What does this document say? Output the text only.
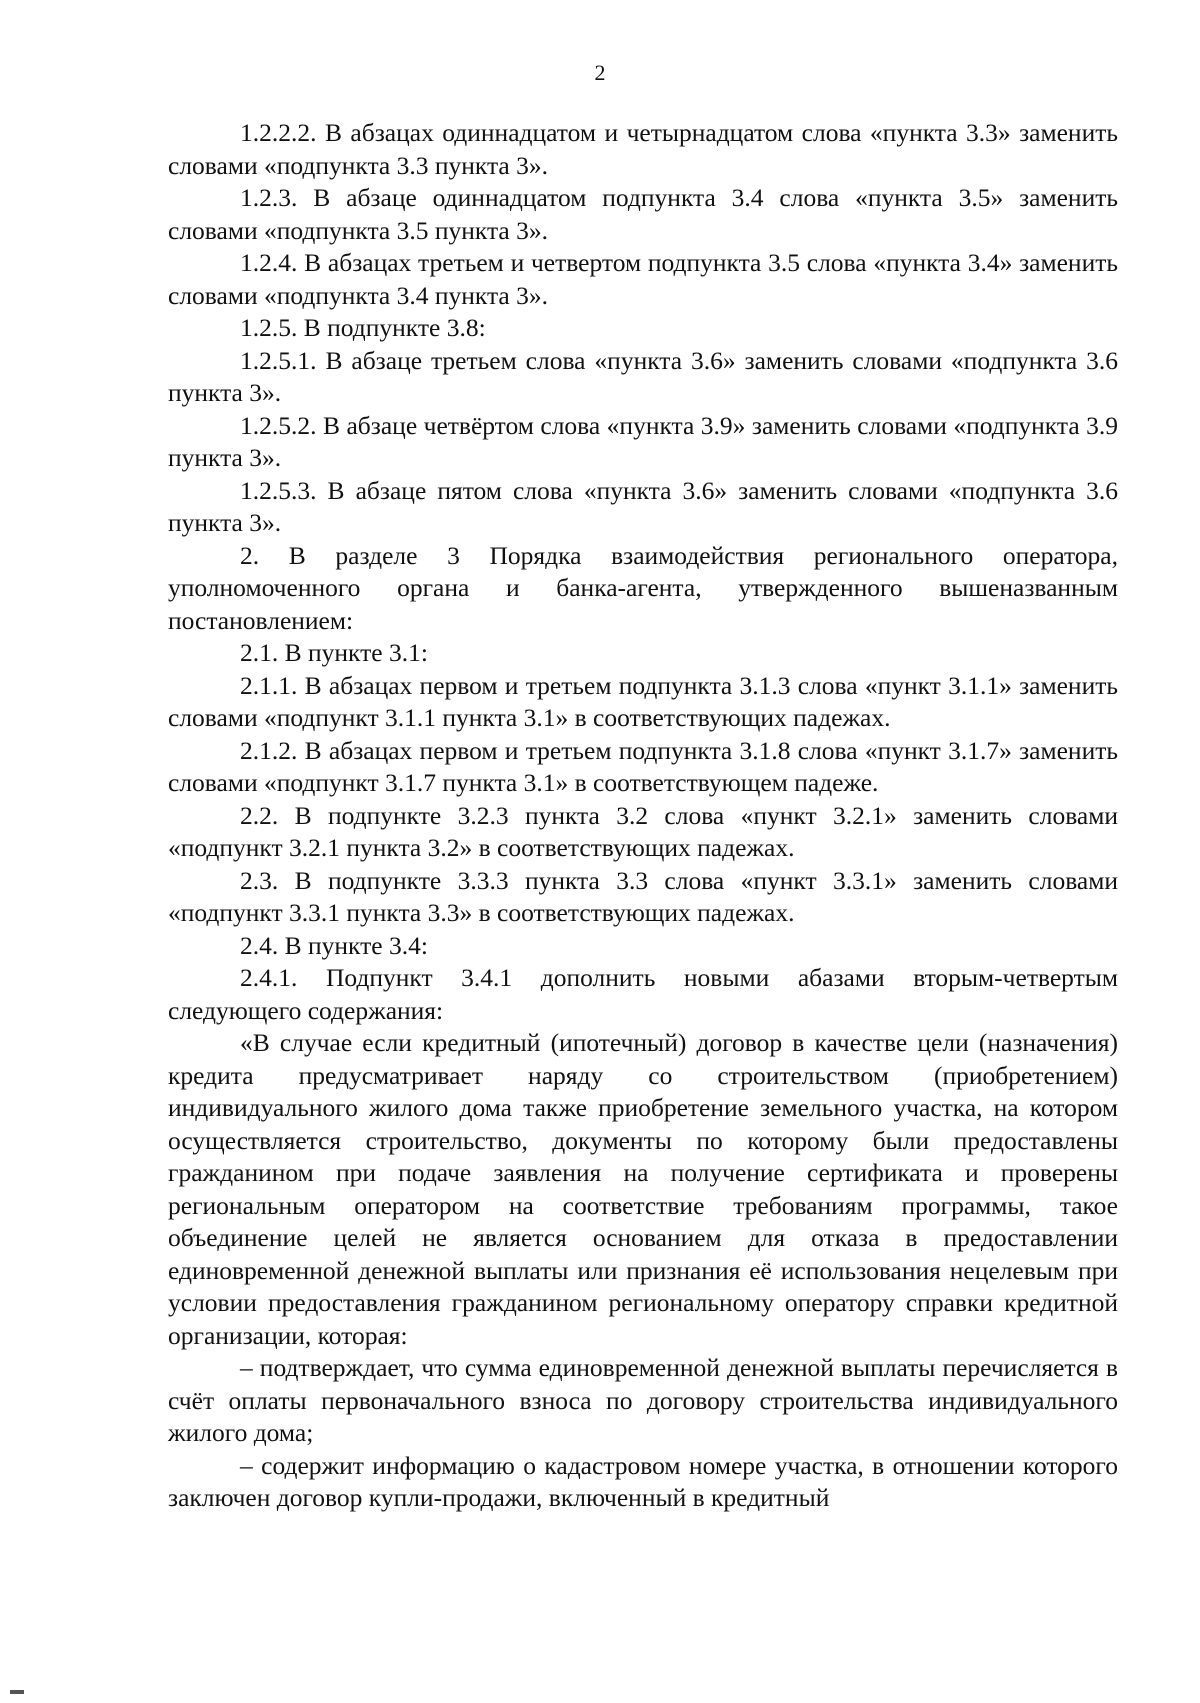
2

1.2.2.2. В абзацах одиннадцатом и четырнадцатом слова «пункта 3.3» заменить словами «подпункта 3.3 пункта 3».

1.2.3. В абзаце одиннадцатом подпункта 3.4 слова «пункта 3.5» заменить словами «подпункта 3.5 пункта 3».

1.2.4. В абзацах третьем и четвертом подпункта 3.5 слова «пункта 3.4» заменить словами «подпункта 3.4 пункта 3».

1.2.5. В подпункте 3.8:

1.2.5.1. В абзаце третьем слова «пункта 3.6» заменить словами «подпункта 3.6 пункта 3».

1.2.5.2. В абзаце четвёртом слова «пункта 3.9» заменить словами «подпункта 3.9 пункта 3».

1.2.5.3. В абзаце пятом слова «пункта 3.6» заменить словами «подпункта 3.6 пункта 3».

2. В разделе 3 Порядка взаимодействия регионального оператора, уполномоченного органа и банка-агента, утвержденного вышеназванным постановлением:

2.1. В пункте 3.1:

2.1.1. В абзацах первом и третьем подпункта 3.1.3 слова «пункт 3.1.1» заменить словами «подпункт 3.1.1 пункта 3.1» в соответствующих падежах.

2.1.2. В абзацах первом и третьем подпункта 3.1.8 слова «пункт 3.1.7» заменить словами «подпункт 3.1.7 пункта 3.1» в соответствующем падеже.

2.2. В подпункте 3.2.3 пункта 3.2 слова «пункт 3.2.1» заменить словами «подпункт 3.2.1 пункта 3.2» в соответствующих падежах.

2.3. В подпункте 3.3.3 пункта 3.3 слова «пункт 3.3.1» заменить словами «подпункт 3.3.1 пункта 3.3» в соответствующих падежах.

2.4. В пункте 3.4:

2.4.1. Подпункт 3.4.1 дополнить новыми абазами вторым-четвертым следующего содержания:

«В случае если кредитный (ипотечный) договор в качестве цели (назначения) кредита предусматривает наряду со строительством (приобретением) индивидуального жилого дома также приобретение земельного участка, на котором осуществляется строительство, документы по которому были предоставлены гражданином при подаче заявления на получение сертификата и проверены региональным оператором на соответствие требованиям программы, такое объединение целей не является основанием для отказа в предоставлении единовременной денежной выплаты или признания её использования нецелевым при условии предоставления гражданином региональному оператору справки кредитной организации, которая:

– подтверждает, что сумма единовременной денежной выплаты перечисляется в счёт оплаты первоначального взноса по договору строительства индивидуального жилого дома;

– содержит информацию о кадастровом номере участка, в отношении которого заключен договор купли-продажи, включенный в кредитный
